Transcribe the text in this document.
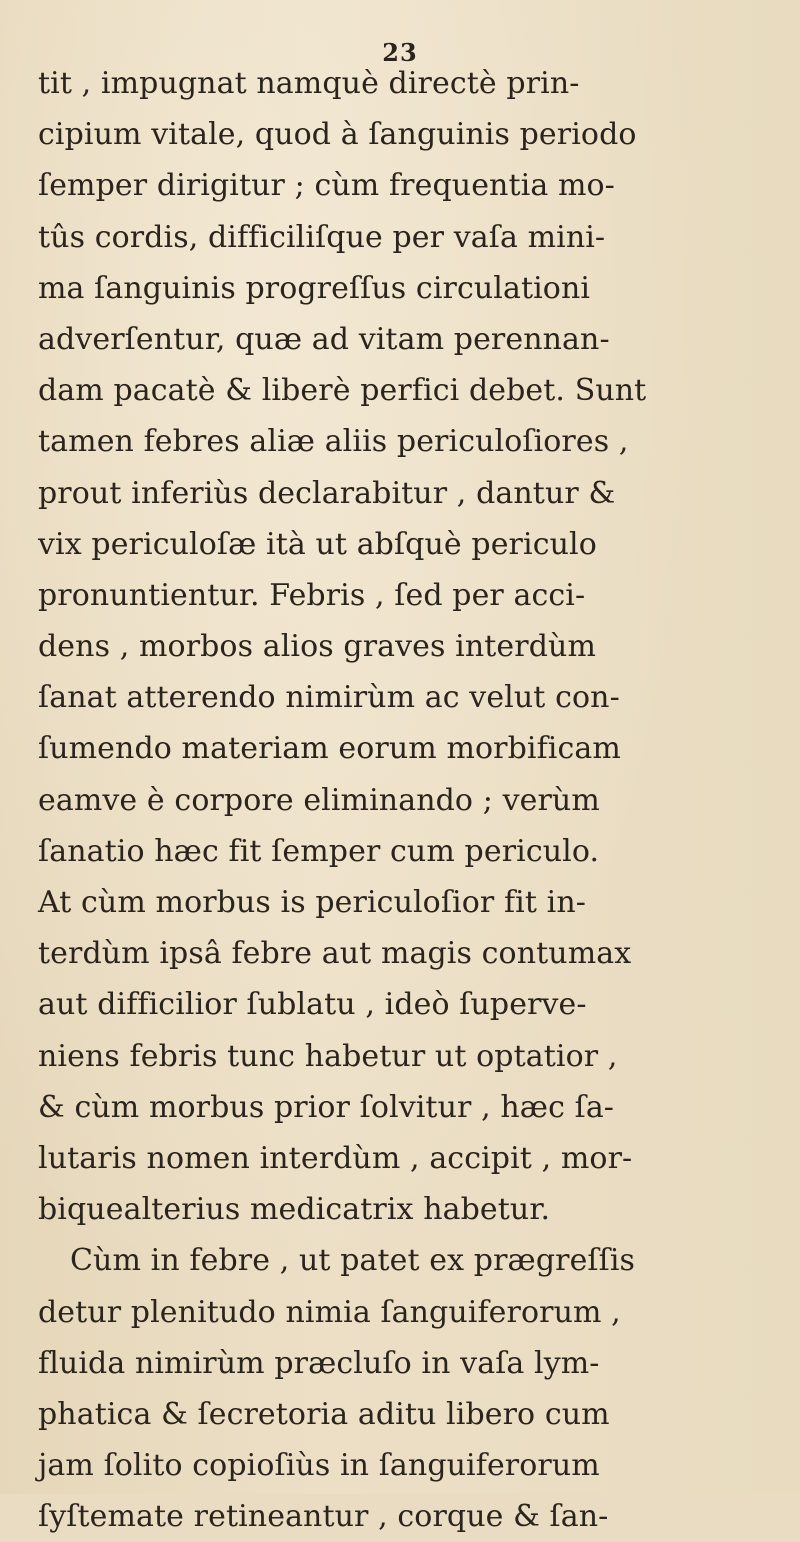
23
tit , impugnat namquè directè prin-
cipium vitale, quod à ſanguinis periodo
ſemper dirigitur ; cùm frequentia mo-
tûs cordis, difficiliſque per vaſa mini-
ma ſanguinis progreſſus circulationi
adverſentur, quæ ad vitam perennan-
dam pacatè & liberè perfici debet. Sunt
tamen febres aliæ aliis periculoſiores ,
prout inferiùs declarabitur , dantur &
vix periculoſæ ità ut abſquè periculo
pronuntientur. Febris , ſed per acci-
dens , morbos alios graves interdùm
ſanat atterendo nimirùm ac velut con-
ſumendo materiam eorum morbificam
eamve è corpore eliminando ; verùm
ſanatio hæc fit ſemper cum periculo.
At cùm morbus is periculoſior fit in-
terdùm ipsâ febre aut magis contumax
aut difficilior ſublatu , ideò ſuperve-
niens febris tunc habetur ut optatior ,
& cùm morbus prior ſolvitur , hæc ſa-
lutaris nomen interdùm , accipit , mor-
biquealterius medicatrix habetur.
Cùm in febre , ut patet ex prægreſſis
detur plenitudo nimia ſanguiferorum ,
fluida nimirùm præcluſo in vaſa lym-
phatica & ſecretoria aditu libero cum
jam ſolito copioſiùs in ſanguiferorum
ſyſtemate retineantur , corque & ſan-
